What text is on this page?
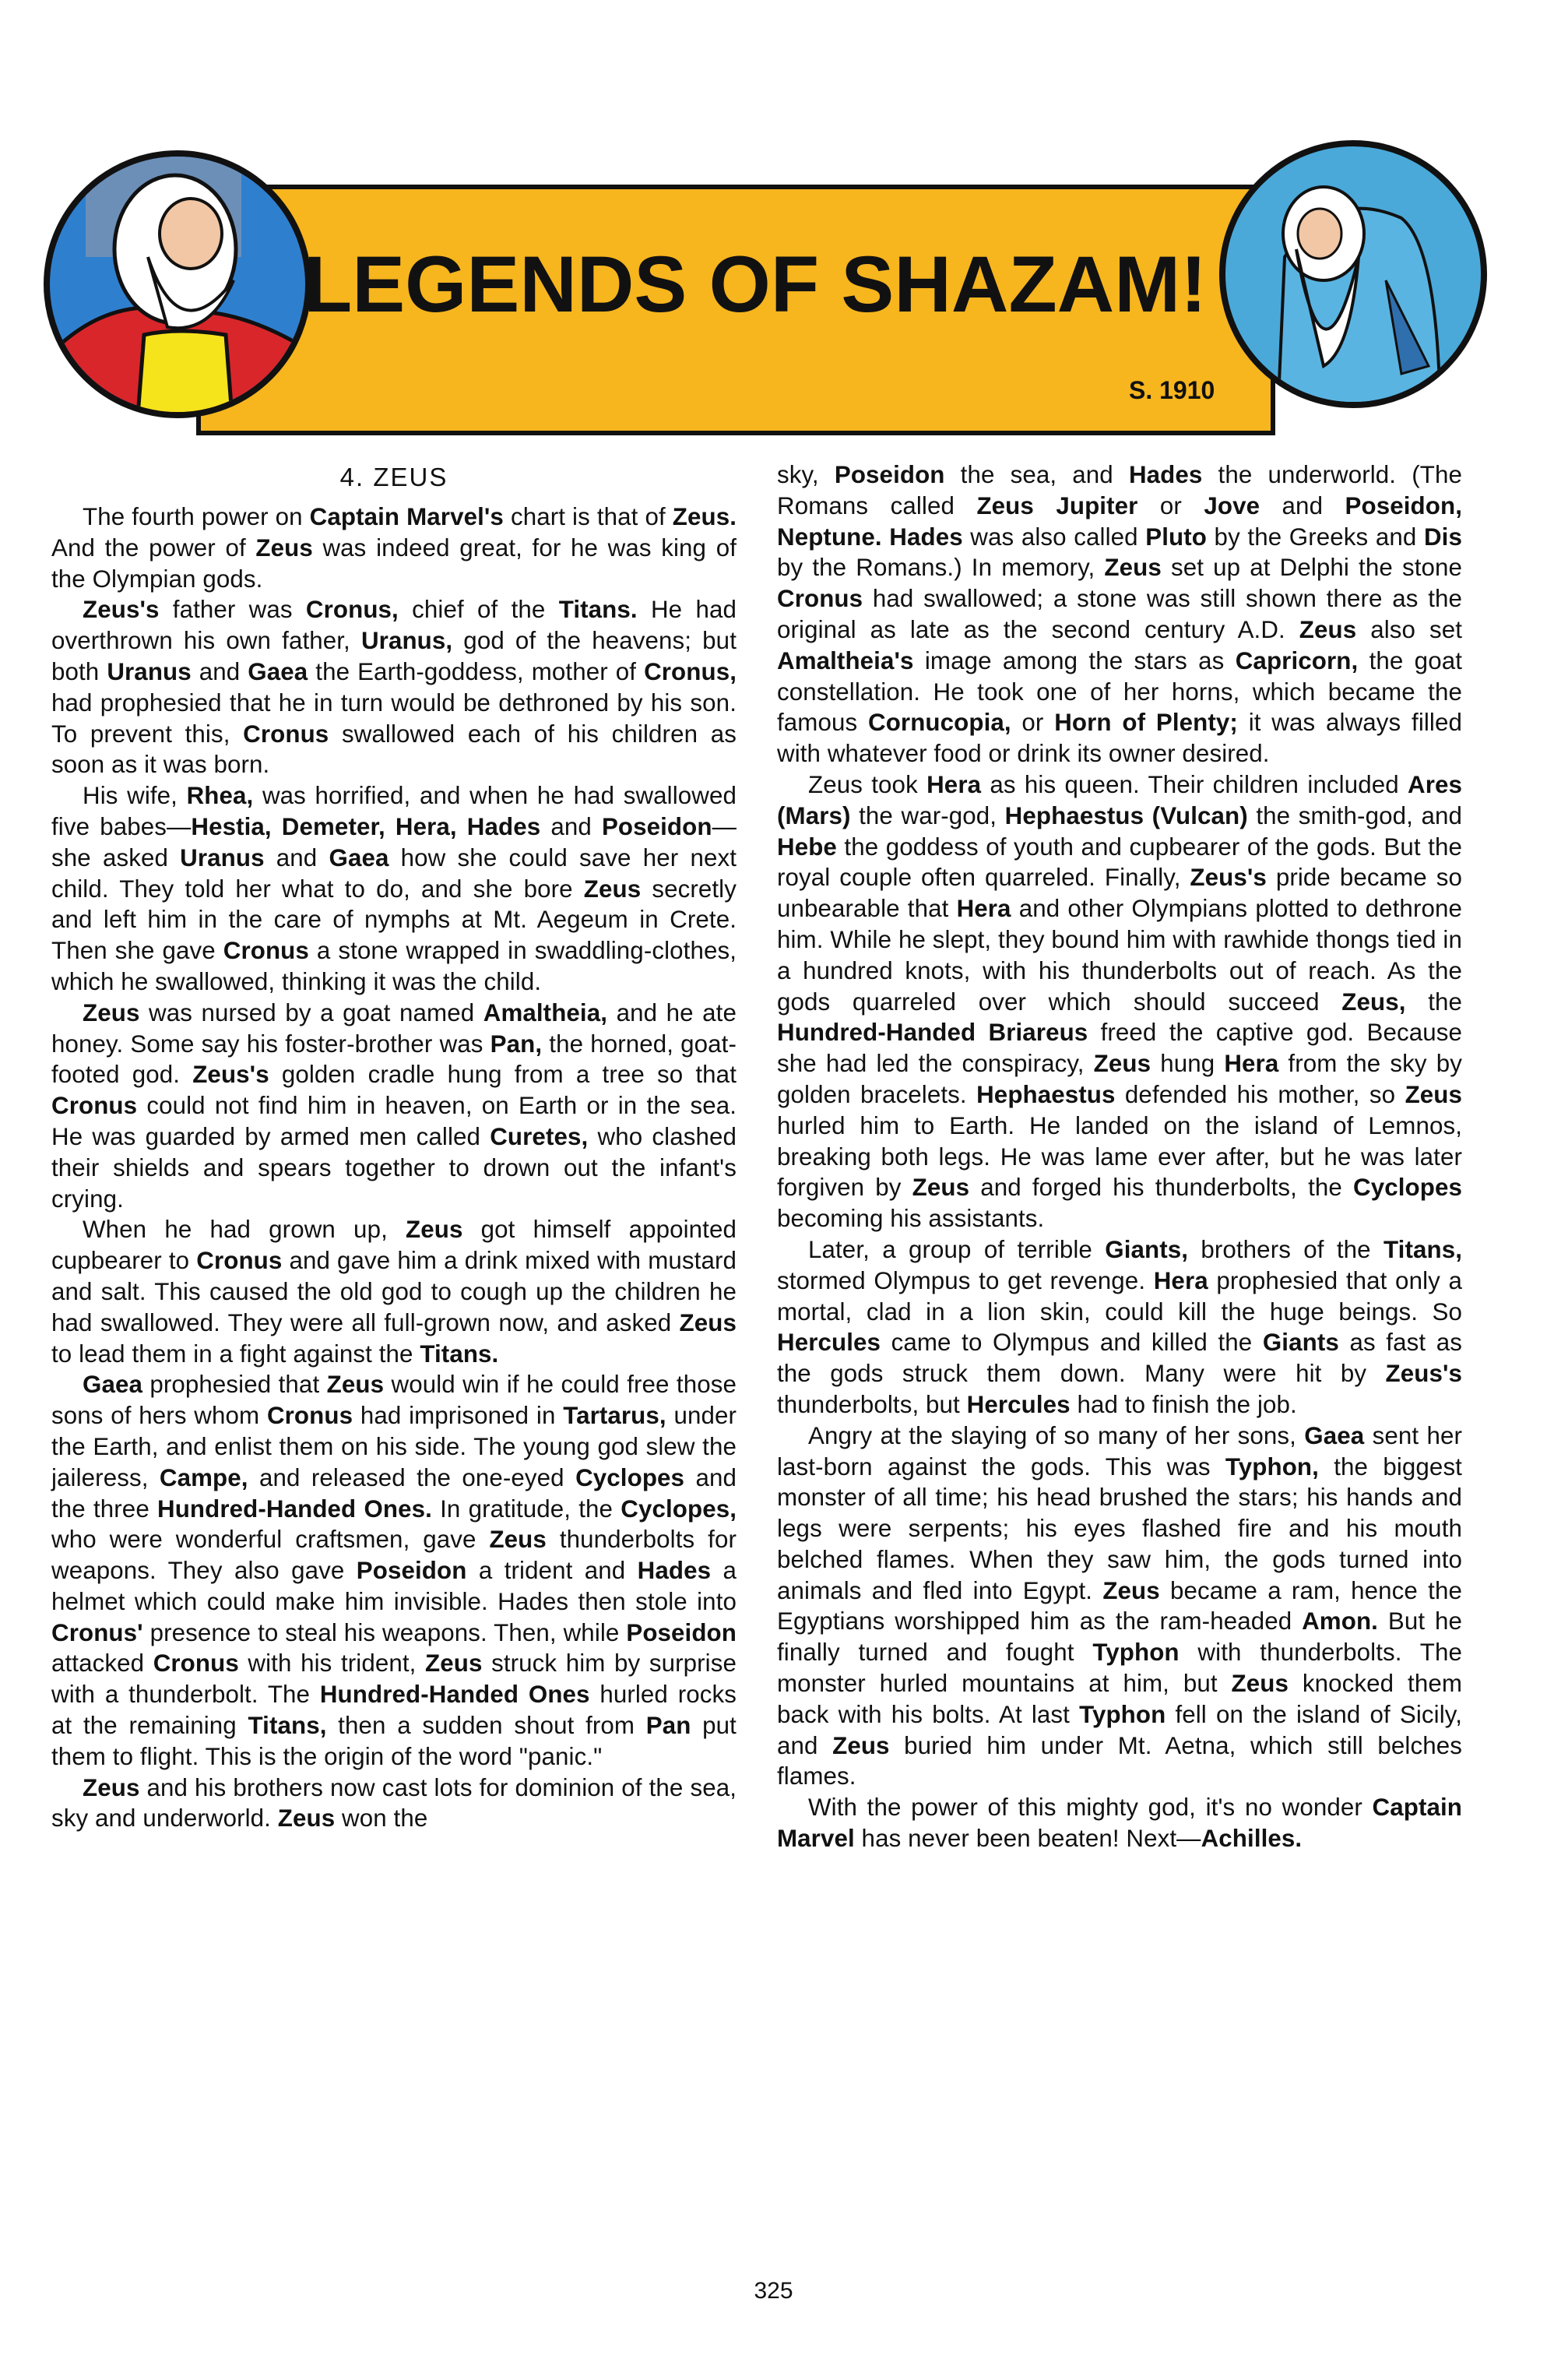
LEGENDS OF SHAZAM!
S. 1910
4. ZEUS

The fourth power on Captain Marvel's chart is that of Zeus. And the power of Zeus was indeed great, for he was king of the Olympian gods.

Zeus's father was Cronus, chief of the Titans. He had overthrown his own father, Uranus, god of the heavens; but both Uranus and Gaea the Earth-goddess, mother of Cronus, had prophesied that he in turn would be dethroned by his son. To prevent this, Cronus swallowed each of his children as soon as it was born.

His wife, Rhea, was horrified, and when he had swallowed five babes—Hestia, Demeter, Hera, Hades and Poseidon—she asked Uranus and Gaea how she could save her next child. They told her what to do, and she bore Zeus secretly and left him in the care of nymphs at Mt. Aegeum in Crete. Then she gave Cronus a stone wrapped in swaddling-clothes, which he swallowed, thinking it was the child.

Zeus was nursed by a goat named Amaltheia, and he ate honey. Some say his foster-brother was Pan, the horned, goat-footed god. Zeus's golden cradle hung from a tree so that Cronus could not find him in heaven, on Earth or in the sea. He was guarded by armed men called Curetes, who clashed their shields and spears together to drown out the infant's crying.

When he had grown up, Zeus got himself appointed cupbearer to Cronus and gave him a drink mixed with mustard and salt. This caused the old god to cough up the children he had swallowed. They were all full-grown now, and asked Zeus to lead them in a fight against the Titans.

Gaea prophesied that Zeus would win if he could free those sons of hers whom Cronus had imprisoned in Tartarus, under the Earth, and enlist them on his side. The young god slew the jaileress, Campe, and released the one-eyed Cyclopes and the three Hundred-Handed Ones. In gratitude, the Cyclopes, who were wonderful craftsmen, gave Zeus thunderbolts for weapons. They also gave Poseidon a trident and Hades a helmet which could make him invisible. Hades then stole into Cronus' presence to steal his weapons. Then, while Poseidon attacked Cronus with his trident, Zeus struck him by surprise with a thunderbolt. The Hundred-Handed Ones hurled rocks at the remaining Titans, then a sudden shout from Pan put them to flight. This is the origin of the word "panic."

Zeus and his brothers now cast lots for dominion of the sea, sky and underworld. Zeus won the

sky, Poseidon the sea, and Hades the underworld. (The Romans called Zeus Jupiter or Jove and Poseidon, Neptune. Hades was also called Pluto by the Greeks and Dis by the Romans.) In memory, Zeus set up at Delphi the stone Cronus had swallowed; a stone was still shown there as the original as late as the second century A.D. Zeus also set Amaltheia's image among the stars as Capricorn, the goat constellation. He took one of her horns, which became the famous Cornucopia, or Horn of Plenty; it was always filled with whatever food or drink its owner desired.

Zeus took Hera as his queen. Their children included Ares (Mars) the war-god, Hephaestus (Vulcan) the smith-god, and Hebe the goddess of youth and cupbearer of the gods. But the royal couple often quarreled. Finally, Zeus's pride became so unbearable that Hera and other Olympians plotted to dethrone him. While he slept, they bound him with rawhide thongs tied in a hundred knots, with his thunderbolts out of reach. As the gods quarreled over which should succeed Zeus, the Hundred-Handed Briareus freed the captive god. Because she had led the conspiracy, Zeus hung Hera from the sky by golden bracelets. Hephaestus defended his mother, so Zeus hurled him to Earth. He landed on the island of Lemnos, breaking both legs. He was lame ever after, but he was later forgiven by Zeus and forged his thunderbolts, the Cyclopes becoming his assistants.

Later, a group of terrible Giants, brothers of the Titans, stormed Olympus to get revenge. Hera prophesied that only a mortal, clad in a lion skin, could kill the huge beings. So Hercules came to Olympus and killed the Giants as fast as the gods struck them down. Many were hit by Zeus's thunderbolts, but Hercules had to finish the job.

Angry at the slaying of so many of her sons, Gaea sent her last-born against the gods. This was Typhon, the biggest monster of all time; his head brushed the stars; his hands and legs were serpents; his eyes flashed fire and his mouth belched flames. When they saw him, the gods turned into animals and fled into Egypt. Zeus became a ram, hence the Egyptians worshipped him as the ram-headed Amon. But he finally turned and fought Typhon with thunderbolts. The monster hurled mountains at him, but Zeus knocked them back with his bolts. At last Typhon fell on the island of Sicily, and Zeus buried him under Mt. Aetna, which still belches flames.

With the power of this mighty god, it's no wonder Captain Marvel has never been beaten! Next—Achilles.

325
